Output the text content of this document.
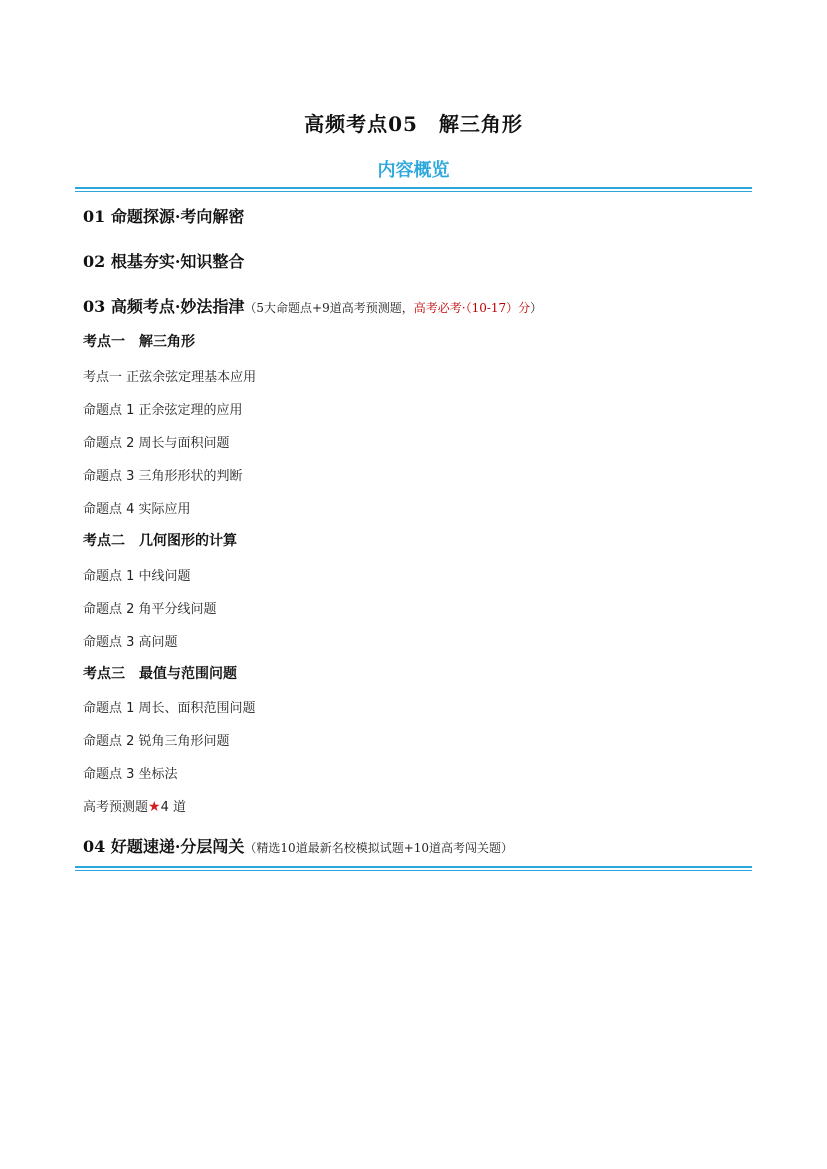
高频考点05　解三角形
内容概览
01 命题探源·考向解密
02 根基夯实·知识整合
03 高频考点·妙法指津（5大命题点+9道高考预测题，高考必考·（10-17）分）
考点一　解三角形
考点一 正弦余弦定理基本应用
命题点 1 正余弦定理的应用
命题点 2 周长与面积问题
命题点 3 三角形形状的判断
命题点 4 实际应用
考点二　几何图形的计算
命题点 1 中线问题
命题点 2 角平分线问题
命题点 3 高问题
考点三　最值与范围问题
命题点 1 周长、面积范围问题
命题点 2 锐角三角形问题
命题点 3 坐标法
高考预测题★4 道
04 好题速递·分层闯关（精选10道最新名校模拟试题+10道高考闯关题）
